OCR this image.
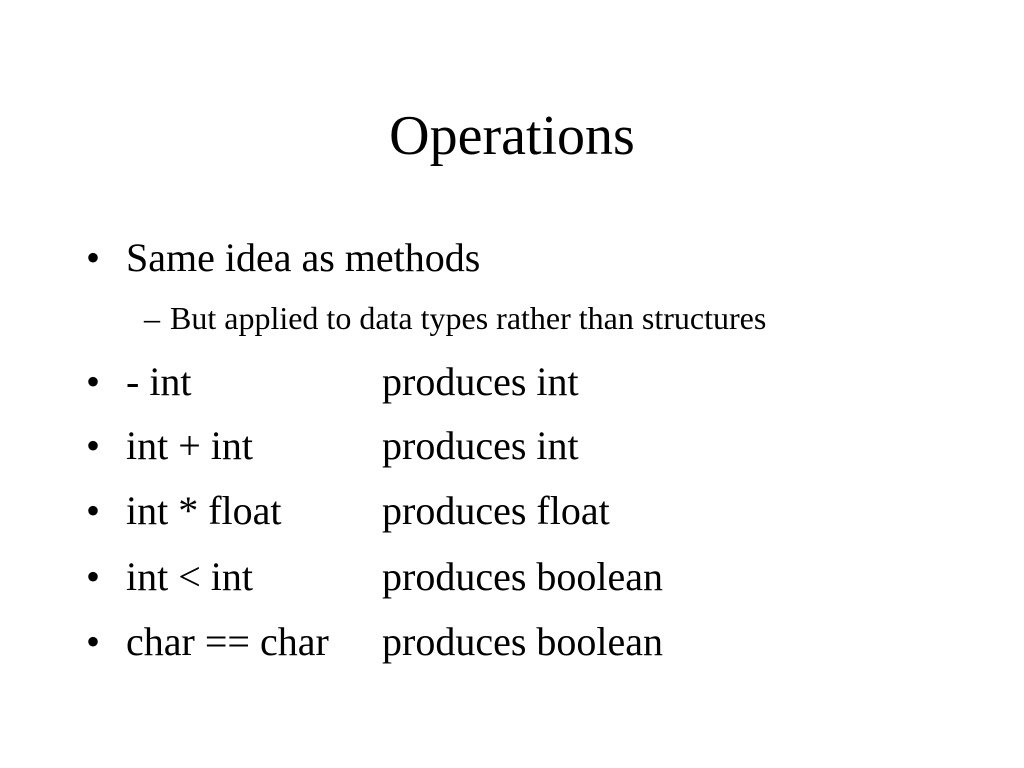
Operations
• Same idea as methods
– But applied to data types rather than structures
• - int	produces int
• int + int	produces int
• int * float	produces float
• int < int	produces boolean
• char == char produces boolean
